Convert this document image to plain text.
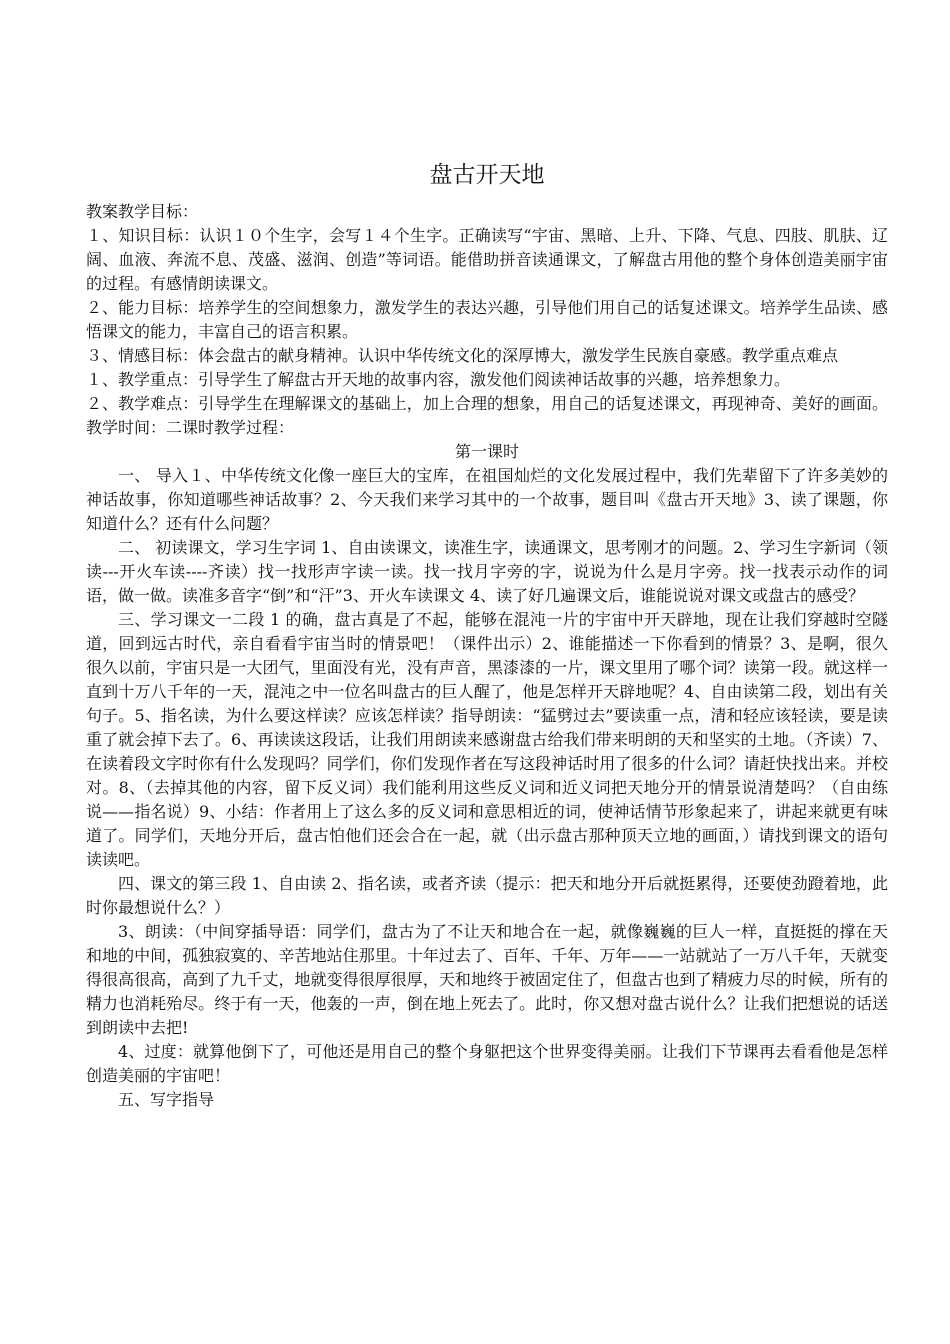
盘古开天地

教案教学目标：

１、知识目标：认识１０个生字，会写１４个生字。正确读写“宇宙、黑暗、上升、下降、气息、四肢、肌肤、辽阔、血液、奔流不息、茂盛、滋润、创造”等词语。能借助拼音读通课文，了解盘古用他的整个身体创造美丽宇宙的过程。有感情朗读课文。

２、能力目标：培养学生的空间想象力，激发学生的表达兴趣，引导他们用自己的话复述课文。培养学生品读、感悟课文的能力，丰富自己的语言积累。

３、情感目标：体会盘古的献身精神。认识中华传统文化的深厚博大，激发学生民族自豪感。教学重点难点

１、教学重点：引导学生了解盘古开天地的故事内容，激发他们阅读神话故事的兴趣，培养想象力。

２、教学难点：引导学生在理解课文的基础上，加上合理的想象，用自己的话复述课文，再现神奇、美好的画面。教学时间：二课时教学过程：

第一课时

一、 导入１、中华传统文化像一座巨大的宝库，在祖国灿烂的文化发展过程中，我们先辈留下了许多美妙的神话故事，你知道哪些神话故事？2、今天我们来学习其中的一个故事，题目叫《盘古开天地》3、读了课题，你知道什么？还有什么问题？

二、 初读课文，学习生字词 1、自由读课文，读准生字，读通课文，思考刚才的问题。2、学习生字新词（领读---开火车读----齐读）找一找形声字读一读。找一找月字旁的字，说说为什么是月字旁。找一找表示动作的词语，做一做。读准多音字“倒”和“汗”3、开火车读课文 4、读了好几遍课文后，谁能说说对课文或盘古的感受？

三、学习课文一二段 1 的确，盘古真是了不起，能够在混沌一片的宇宙中开天辟地，现在让我们穿越时空隧道，回到远古时代，亲自看看宇宙当时的情景吧！（课件出示）2、谁能描述一下你看到的情景？3、是啊，很久很久以前，宇宙只是一大团气，里面没有光，没有声音，黑漆漆的一片，课文里用了哪个词？读第一段。就这样一直到十万八千年的一天，混沌之中一位名叫盘古的巨人醒了，他是怎样开天辟地呢？4、自由读第二段，划出有关句子。5、指名读，为什么要这样读？应该怎样读？指导朗读：“猛劈过去”要读重一点，清和轻应该轻读，要是读重了就会掉下去了。6、再读读这段话，让我们用朗读来感谢盘古给我们带来明朗的天和坚实的土地。（齐读）7、在读着段文字时你有什么发现吗？同学们，你们发现作者在写这段神话时用了很多的什么词？请赶快找出来。并校对。8、（去掉其他的内容，留下反义词）我们能利用这些反义词和近义词把天地分开的情景说清楚吗？（自由练说——指名说）9、小结：作者用上了这么多的反义词和意思相近的词，使神话情节形象起来了，讲起来就更有味道了。同学们，天地分开后，盘古怕他们还会合在一起，就（出示盘古那种顶天立地的画面，）请找到课文的语句读读吧。

四、课文的第三段 1、自由读 2、指名读，或者齐读（提示：把天和地分开后就挺累得，还要使劲蹬着地，此时你最想说什么？）

3、朗读：（中间穿插导语：同学们，盘古为了不让天和地合在一起，就像巍巍的巨人一样，直挺挺的撑在天和地的中间，孤独寂寞的、辛苦地站住那里。十年过去了、百年、千年、万年——一站就站了一万八千年，天就变得很高很高，高到了九千丈，地就变得很厚很厚，天和地终于被固定住了，但盘古也到了精疲力尽的时候，所有的精力也消耗殆尽。终于有一天，他轰的一声，倒在地上死去了。此时，你又想对盘古说什么？让我们把想说的话送到朗读中去把!

4、过度：就算他倒下了，可他还是用自己的整个身躯把这个世界变得美丽。让我们下节课再去看看他是怎样创造美丽的宇宙吧！

五、写字指导
